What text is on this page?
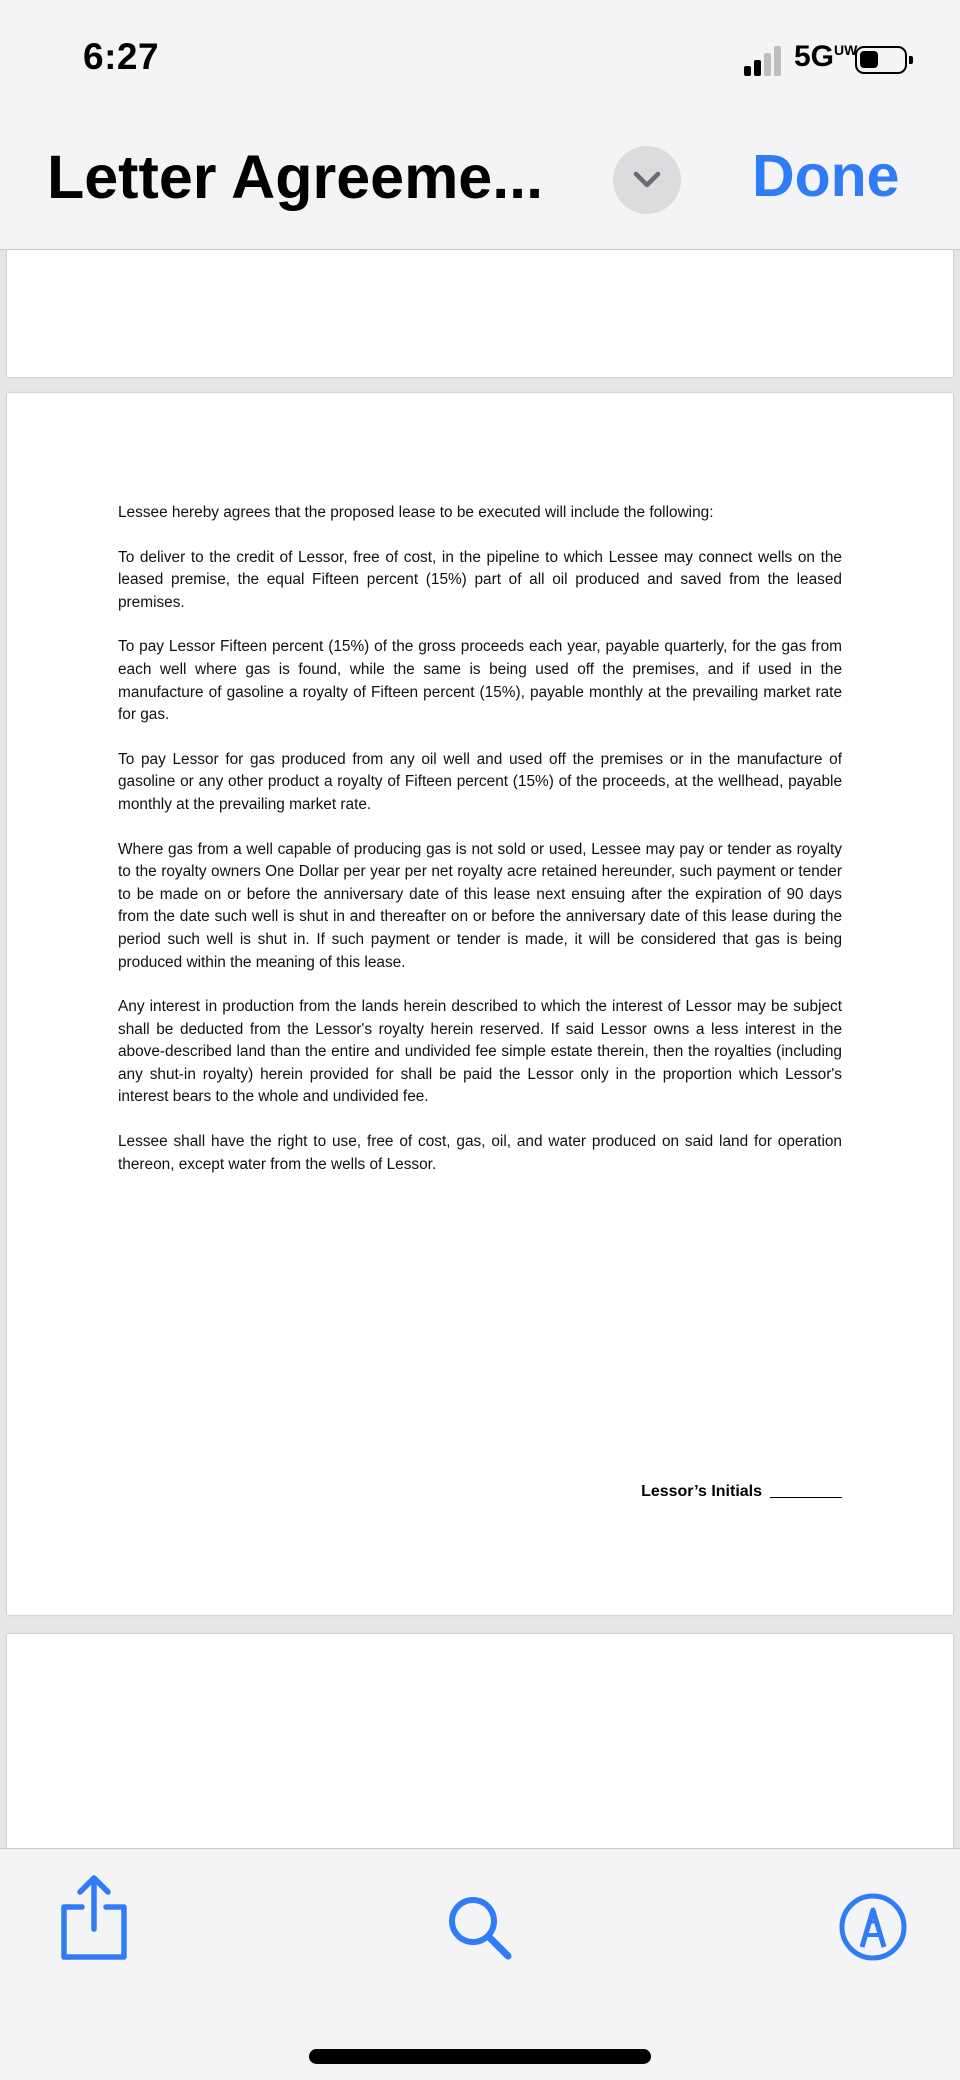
6:27	$5G^{UW}$
Letter Agreeme...	Done

Lessee hereby agrees that the proposed lease to be executed will include the following:

To deliver to the credit of Lessor, free of cost, in the pipeline to which Lessee may connect wells on the leased premise, the equal Fifteen percent (15%) part of all oil produced and saved from the leased premises.

To pay Lessor Fifteen percent (15%) of the gross proceeds each year, payable quarterly, for the gas from each well where gas is found, while the same is being used off the premises, and if used in the manufacture of gasoline a royalty of Fifteen percent (15%), payable monthly at the prevailing market rate for gas.

To pay Lessor for gas produced from any oil well and used off the premises or in the manufacture of gasoline or any other product a royalty of Fifteen percent (15%) of the proceeds, at the wellhead, payable monthly at the prevailing market rate.

Where gas from a well capable of producing gas is not sold or used, Lessee may pay or tender as royalty to the royalty owners One Dollar per year per net royalty acre retained hereunder, such payment or tender to be made on or before the anniversary date of this lease next ensuing after the expiration of 90 days from the date such well is shut in and thereafter on or before the anniversary date of this lease during the period such well is shut in. If such payment or tender is made, it will be considered that gas is being produced within the meaning of this lease.

Any interest in production from the lands herein described to which the interest of Lessor may be subject shall be deducted from the Lessor's royalty herein reserved. If said Lessor owns a less interest in the above-described land than the entire and undivided fee simple estate therein, then the royalties (including any shut-in royalty) herein provided for shall be paid the Lessor only in the proportion which Lessor's interest bears to the whole and undivided fee.

Lessee shall have the right to use, free of cost, gas, oil, and water produced on said land for operation thereon, except water from the wells of Lessor.

Lessor’s Initials
